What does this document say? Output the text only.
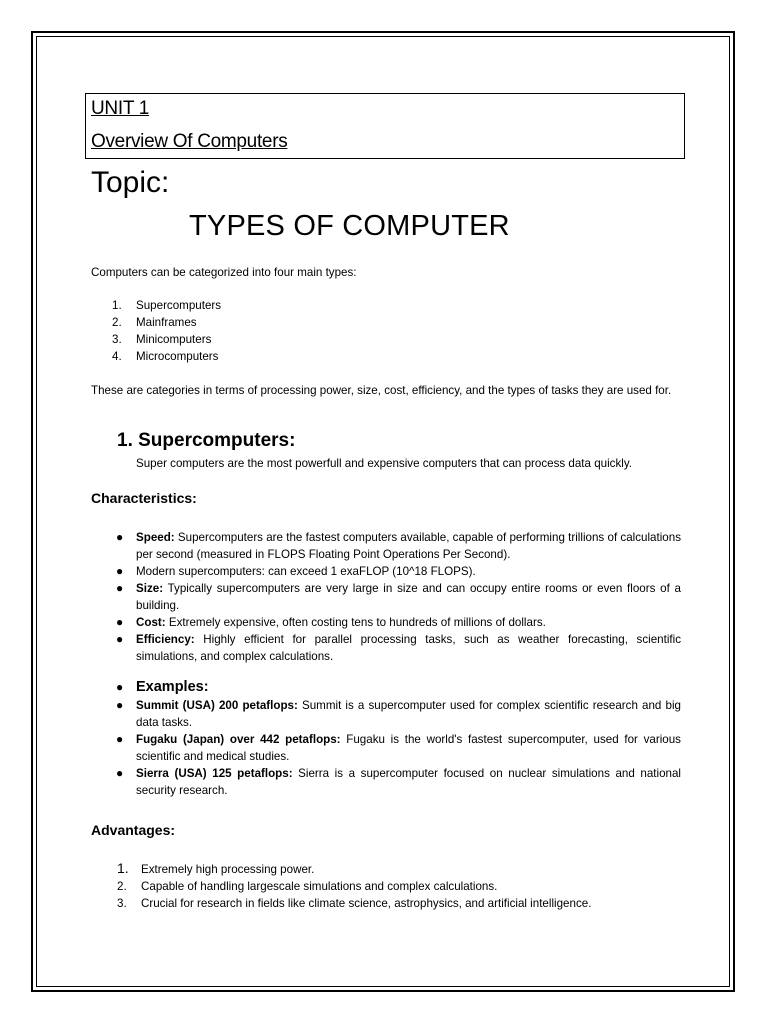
UNIT 1
Overview Of Computers
Topic:
TYPES OF COMPUTER
Computers can be categorized into four main types:
1. Supercomputers
2. Mainframes
3. Minicomputers
4. Microcomputers
These are categories in terms of processing power, size, cost, efficiency, and the types of tasks they are used for.
1. Supercomputers:
Super computers are the most powerfull and expensive computers that can process data quickly.
Characteristics:
● Speed: Supercomputers are the fastest computers available, capable of performing trillions of calculations per second (measured in FLOPS Floating Point Operations Per Second).
● Modern supercomputers: can exceed 1 exaFLOP (10^18 FLOPS).
● Size: Typically supercomputers are very large in size and can occupy entire rooms or even floors of a building.
● Cost: Extremely expensive, often costing tens to hundreds of millions of dollars.
● Efficiency: Highly efficient for parallel processing tasks, such as weather forecasting, scientific simulations, and complex calculations.
● Examples:
● Summit (USA) 200 petaflops: Summit is a supercomputer used for complex scientific research and big data tasks.
● Fugaku (Japan) over 442 petaflops: Fugaku is the world's fastest supercomputer, used for various scientific and medical studies.
● Sierra (USA) 125 petaflops: Sierra is a supercomputer focused on nuclear simulations and national security research.
Advantages:
1. Extremely high processing power.
2. Capable of handling largescale simulations and complex calculations.
3. Crucial for research in fields like climate science, astrophysics, and artificial intelligence.
